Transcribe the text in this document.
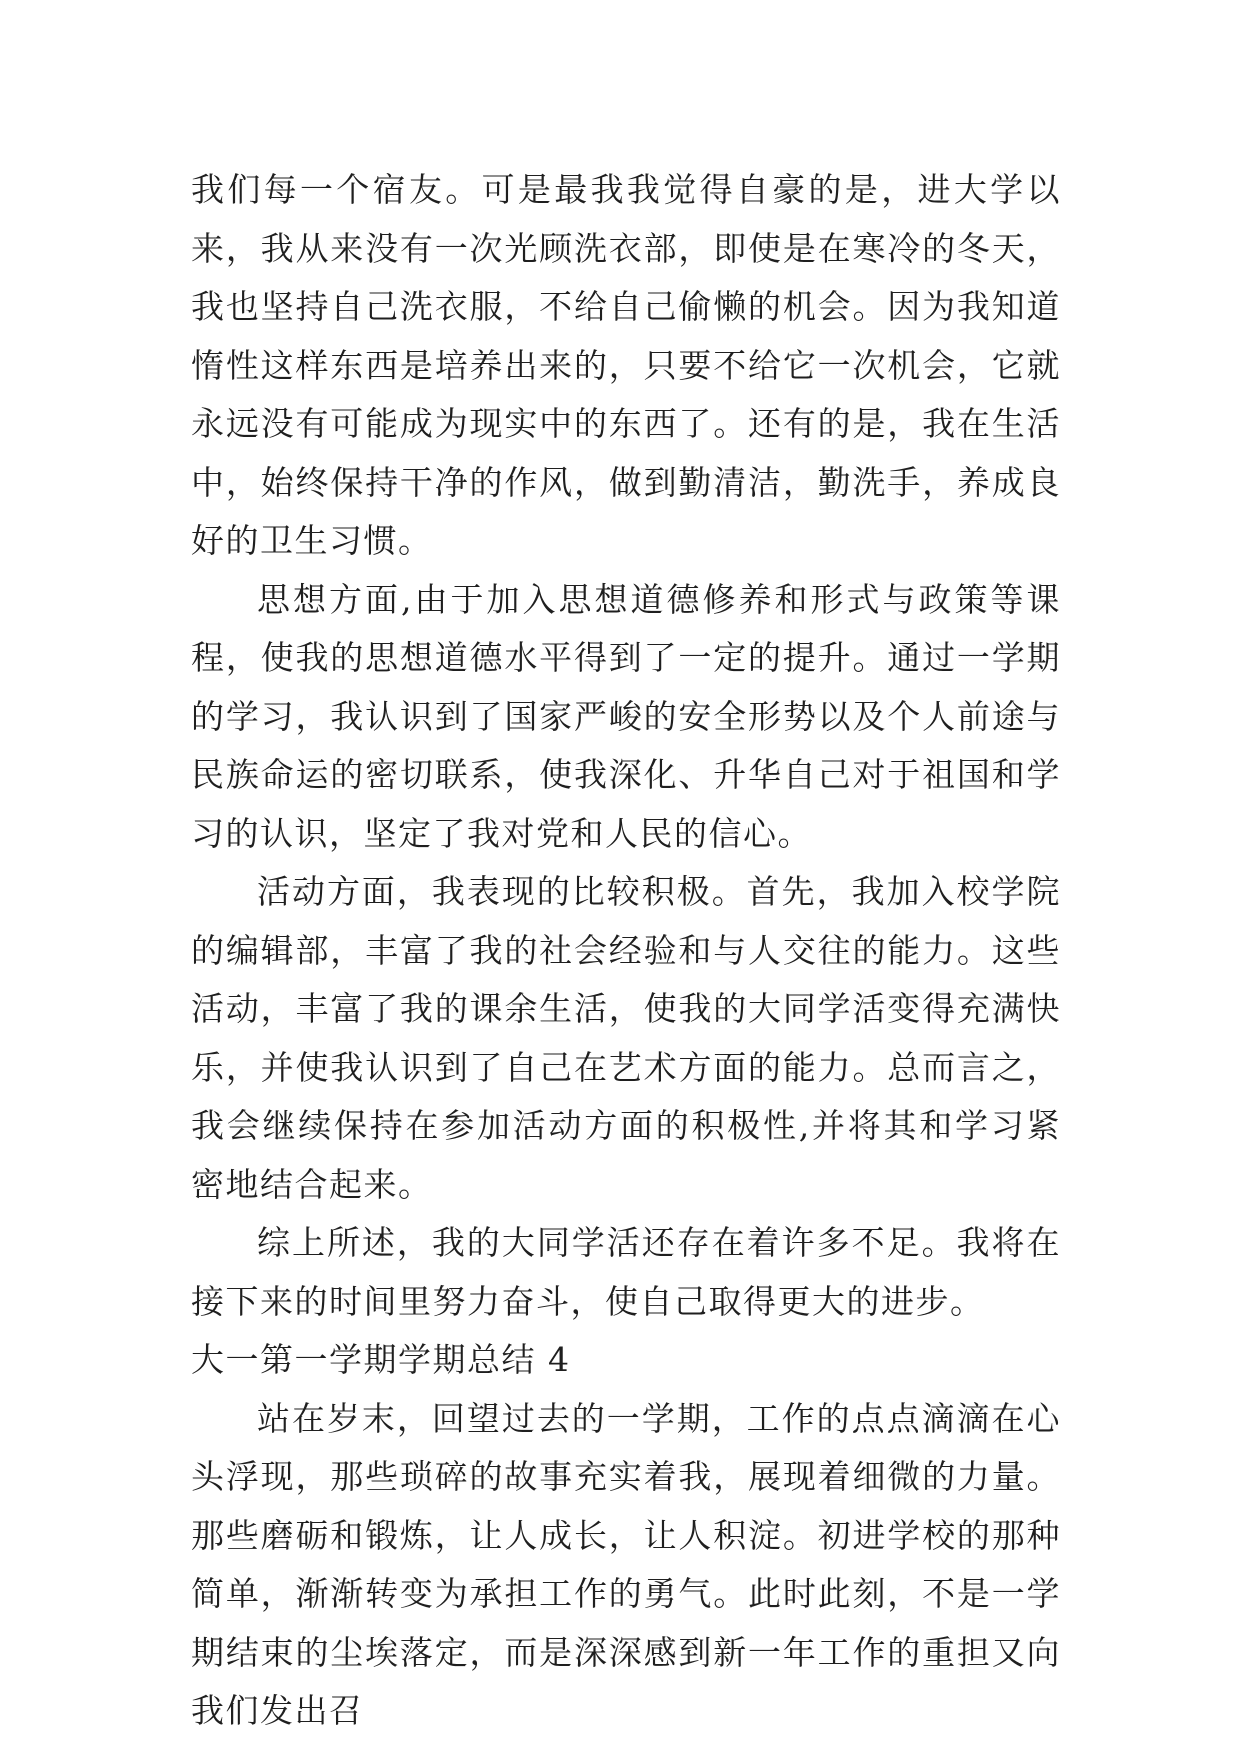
我们每一个宿友。可是最我我觉得自豪的是，进大学以来，我从来没有一次光顾洗衣部，即使是在寒冷的冬天，我也坚持自己洗衣服，不给自己偷懒的机会。因为我知道惰性这样东西是培养出来的，只要不给它一次机会，它就永远没有可能成为现实中的东西了。还有的是，我在生活中，始终保持干净的作风，做到勤清洁，勤洗手，养成良好的卫生习惯。

思想方面,由于加入思想道德修养和形式与政策等课程，使我的思想道德水平得到了一定的提升。通过一学期的学习，我认识到了国家严峻的安全形势以及个人前途与民族命运的密切联系，使我深化、升华自己对于祖国和学习的认识，坚定了我对党和人民的信心。

活动方面，我表现的比较积极。首先，我加入校学院的编辑部，丰富了我的社会经验和与人交往的能力。这些活动，丰富了我的课余生活，使我的大同学活变得充满快乐，并使我认识到了自己在艺术方面的能力。总而言之，我会继续保持在参加活动方面的积极性,并将其和学习紧密地结合起来。

综上所述，我的大同学活还存在着许多不足。我将在接下来的时间里努力奋斗，使自己取得更大的进步。

大一第一学期学期总结 4

站在岁末，回望过去的一学期，工作的点点滴滴在心头浮现，那些琐碎的故事充实着我，展现着细微的力量。那些磨砺和锻炼，让人成长，让人积淀。初进学校的那种简单，渐渐转变为承担工作的勇气。此时此刻，不是一学期结束的尘埃落定，而是深深感到新一年工作的重担又向我们发出召
